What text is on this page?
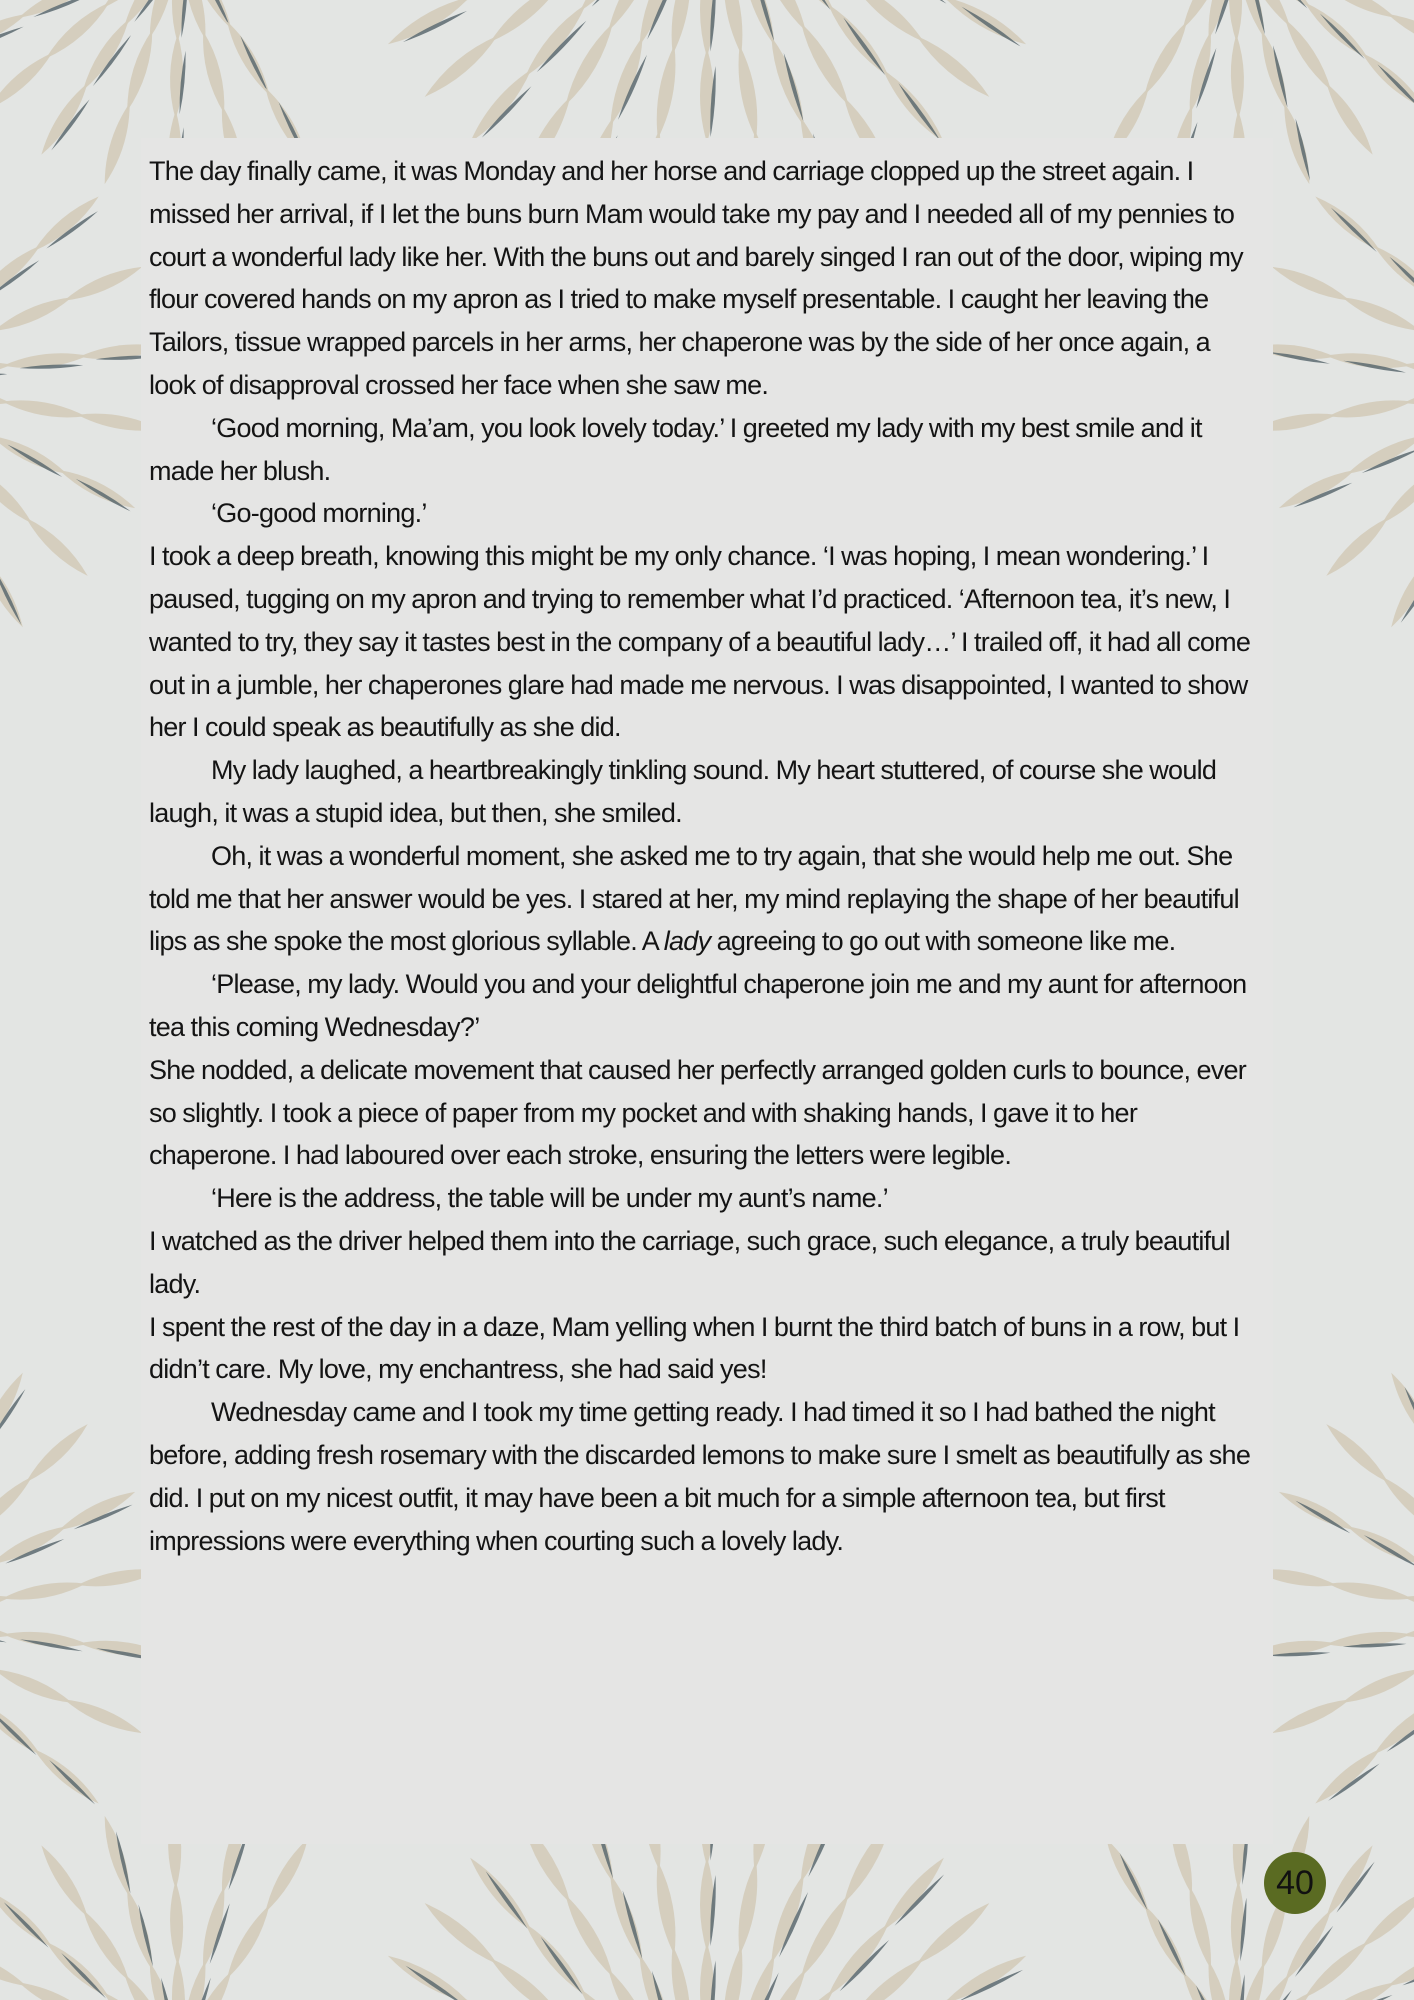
The day finally came, it was Monday and her horse and carriage clopped up the street again. I missed her arrival, if I let the buns burn Mam would take my pay and I needed all of my pennies to court a wonderful lady like her. With the buns out and barely singed I ran out of the door, wiping my flour covered hands on my apron as I tried to make myself presentable. I caught her leaving the Tailors, tissue wrapped parcels in her arms, her chaperone was by the side of her once again, a look of disapproval crossed her face when she saw me.

‘Good morning, Ma’am, you look lovely today.’ I greeted my lady with my best smile and it made her blush.

‘Go-good morning.’

I took a deep breath, knowing this might be my only chance. ‘I was hoping, I mean wondering.’ I paused, tugging on my apron and trying to remember what I’d practiced. ‘Afternoon tea, it’s new, I wanted to try, they say it tastes best in the company of a beautiful lady…’ I trailed off, it had all come out in a jumble, her chaperones glare had made me nervous. I was disappointed, I wanted to show her I could speak as beautifully as she did.

My lady laughed, a heartbreakingly tinkling sound. My heart stuttered, of course she would laugh, it was a stupid idea, but then, she smiled.

Oh, it was a wonderful moment, she asked me to try again, that she would help me out. She told me that her answer would be yes. I stared at her, my mind replaying the shape of her beautiful lips as she spoke the most glorious syllable. A lady agreeing to go out with someone like me.

‘Please, my lady. Would you and your delightful chaperone join me and my aunt for afternoon tea this coming Wednesday?’

She nodded, a delicate movement that caused her perfectly arranged golden curls to bounce, ever so slightly. I took a piece of paper from my pocket and with shaking hands, I gave it to her chaperone. I had laboured over each stroke, ensuring the letters were legible.

‘Here is the address, the table will be under my aunt’s name.’

I watched as the driver helped them into the carriage, such grace, such elegance, a truly beautiful lady.

I spent the rest of the day in a daze, Mam yelling when I burnt the third batch of buns in a row, but I didn’t care. My love, my enchantress, she had said yes!

Wednesday came and I took my time getting ready. I had timed it so I had bathed the night before, adding fresh rosemary with the discarded lemons to make sure I smelt as beautifully as she did. I put on my nicest outfit, it may have been a bit much for a simple afternoon tea, but first impressions were everything when courting such a lovely lady.

40
